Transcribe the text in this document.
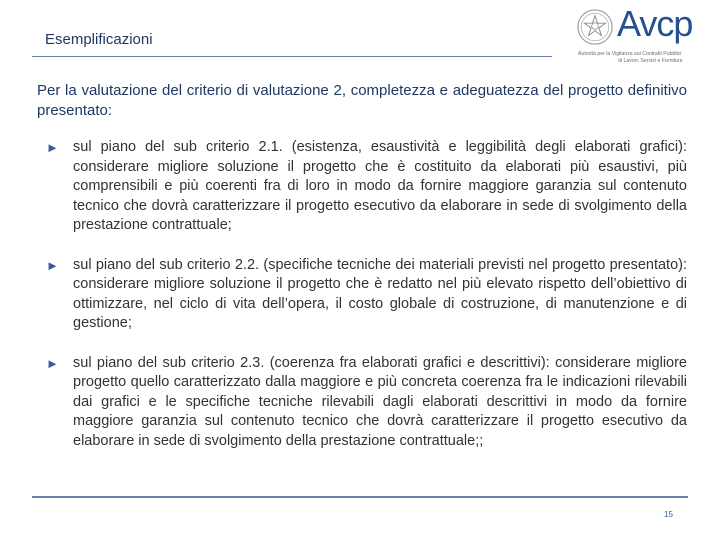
Esemplificazioni	Avcp
Autorità per la Vigilanza sui Contratti Pubblici
di Lavori, Servizi e Forniture
Per la valutazione del criterio di valutazione 2, completezza e adeguatezza del progetto definitivo presentato:
► sul piano del sub criterio 2.1. (esistenza, esaustività e leggibilità degli elaborati grafici): considerare migliore soluzione il progetto che è costituito da elaborati più esaustivi, più comprensibili e più coerenti fra di loro in modo da fornire maggiore garanzia sul contenuto tecnico che dovrà caratterizzare il progetto esecutivo da elaborare in sede di svolgimento della prestazione contrattuale;
► sul piano del sub criterio 2.2. (specifiche tecniche dei materiali previsti nel progetto presentato): considerare migliore soluzione il progetto che è redatto nel più elevato rispetto dell’obiettivo di ottimizzare, nel ciclo di vita dell’opera, il costo globale di costruzione, di manutenzione e di gestione;
► sul piano del sub criterio 2.3. (coerenza fra elaborati grafici e descrittivi): considerare migliore progetto quello caratterizzato dalla maggiore e più concreta coerenza fra le indicazioni rilevabili dai grafici e le specifiche tecniche rilevabili dagli elaborati descrittivi in modo da fornire maggiore garanzia sul contenuto tecnico che dovrà caratterizzare il progetto esecutivo da elaborare in sede di svolgimento della prestazione contrattuale;;
15
